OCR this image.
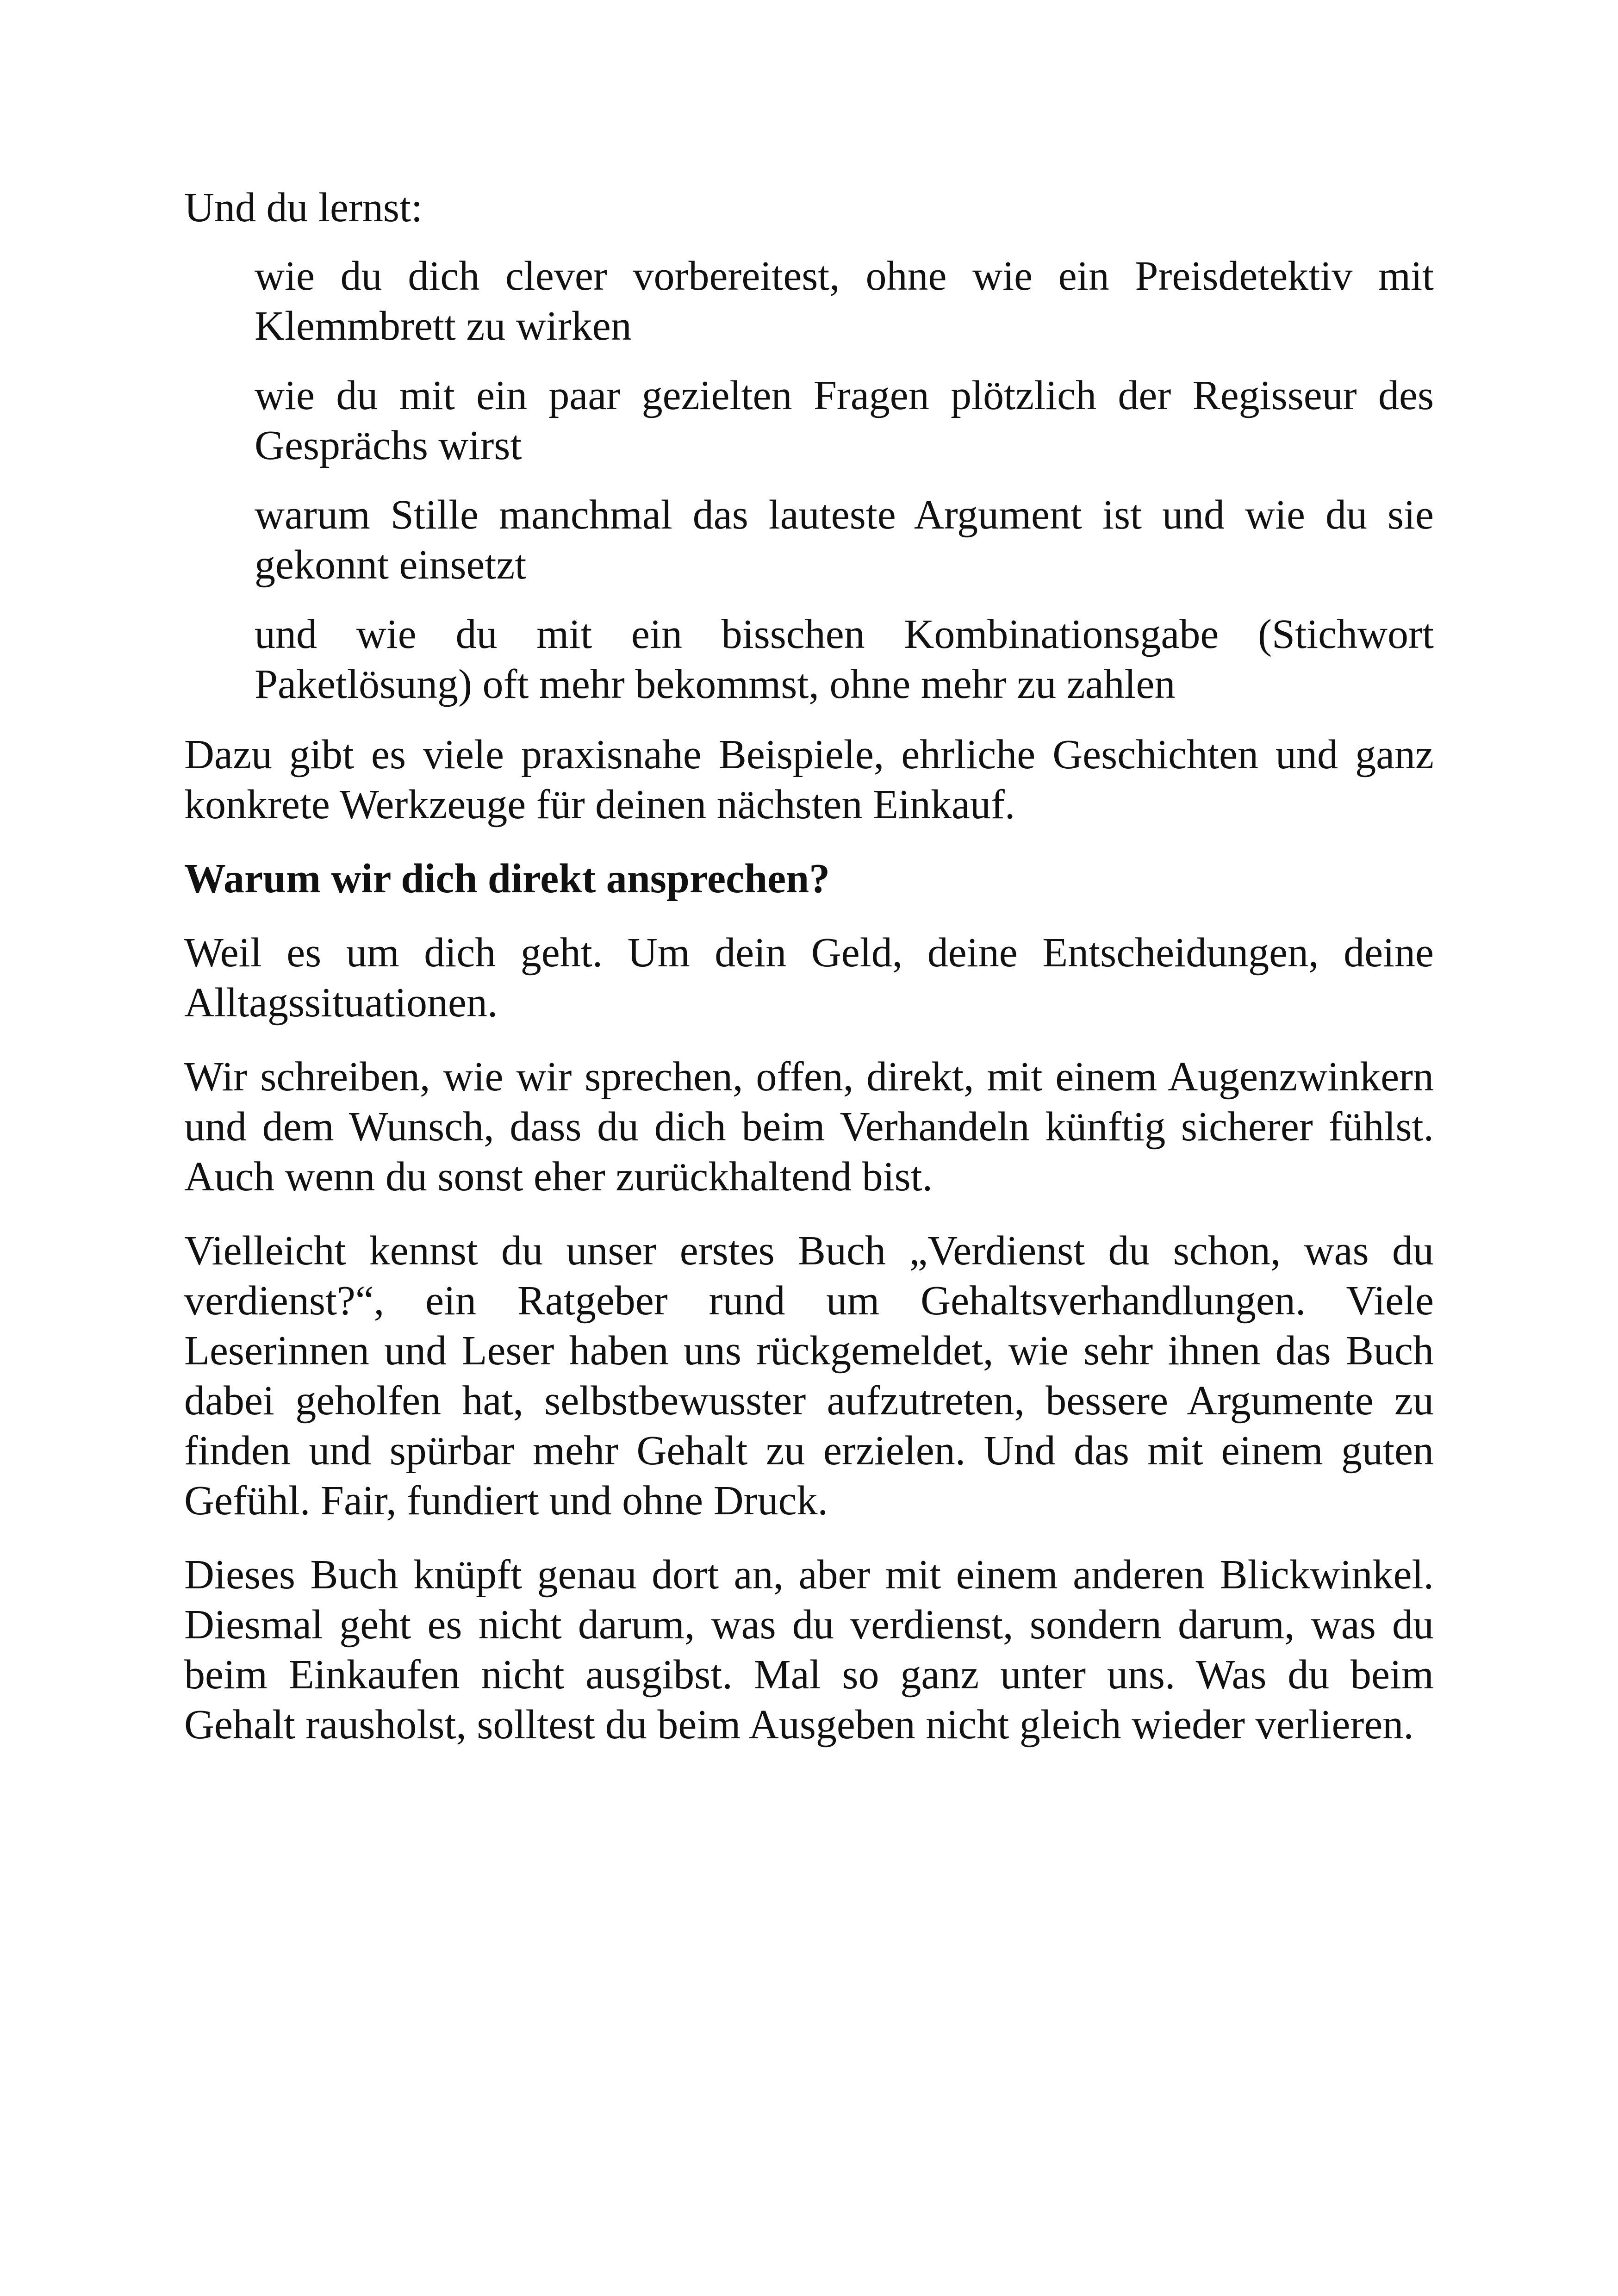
Und du lernst:

wie du dich clever vorbereitest, ohne wie ein Preisdetektiv mit Klemmbrett zu wirken
wie du mit ein paar gezielten Fragen plötzlich der Regisseur des Gesprächs wirst
warum Stille manchmal das lauteste Argument ist und wie du sie gekonnt einsetzt
und wie du mit ein bisschen Kombinationsgabe (Stichwort Paketlösung) oft mehr bekommst, ohne mehr zu zahlen

Dazu gibt es viele praxisnahe Beispiele, ehrliche Geschichten und ganz konkrete Werkzeuge für deinen nächsten Einkauf.

Warum wir dich direkt ansprechen?

Weil es um dich geht. Um dein Geld, deine Entscheidungen, deine Alltagssituationen.

Wir schreiben, wie wir sprechen, offen, direkt, mit einem Augenzwinkern und dem Wunsch, dass du dich beim Verhandeln künftig sicherer fühlst. Auch wenn du sonst eher zurückhaltend bist.

Vielleicht kennst du unser erstes Buch „Verdienst du schon, was du verdienst?“, ein Ratgeber rund um Gehaltsverhandlungen. Viele Leserinnen und Leser haben uns rückgemeldet, wie sehr ihnen das Buch dabei geholfen hat, selbstbewusster aufzutreten, bessere Argumente zu finden und spürbar mehr Gehalt zu erzielen. Und das mit einem guten Gefühl. Fair, fundiert und ohne Druck.

Dieses Buch knüpft genau dort an, aber mit einem anderen Blickwinkel. Diesmal geht es nicht darum, was du verdienst, sondern darum, was du beim Einkaufen nicht ausgibst. Mal so ganz unter uns. Was du beim Gehalt rausholst, solltest du beim Ausgeben nicht gleich wieder verlieren.
